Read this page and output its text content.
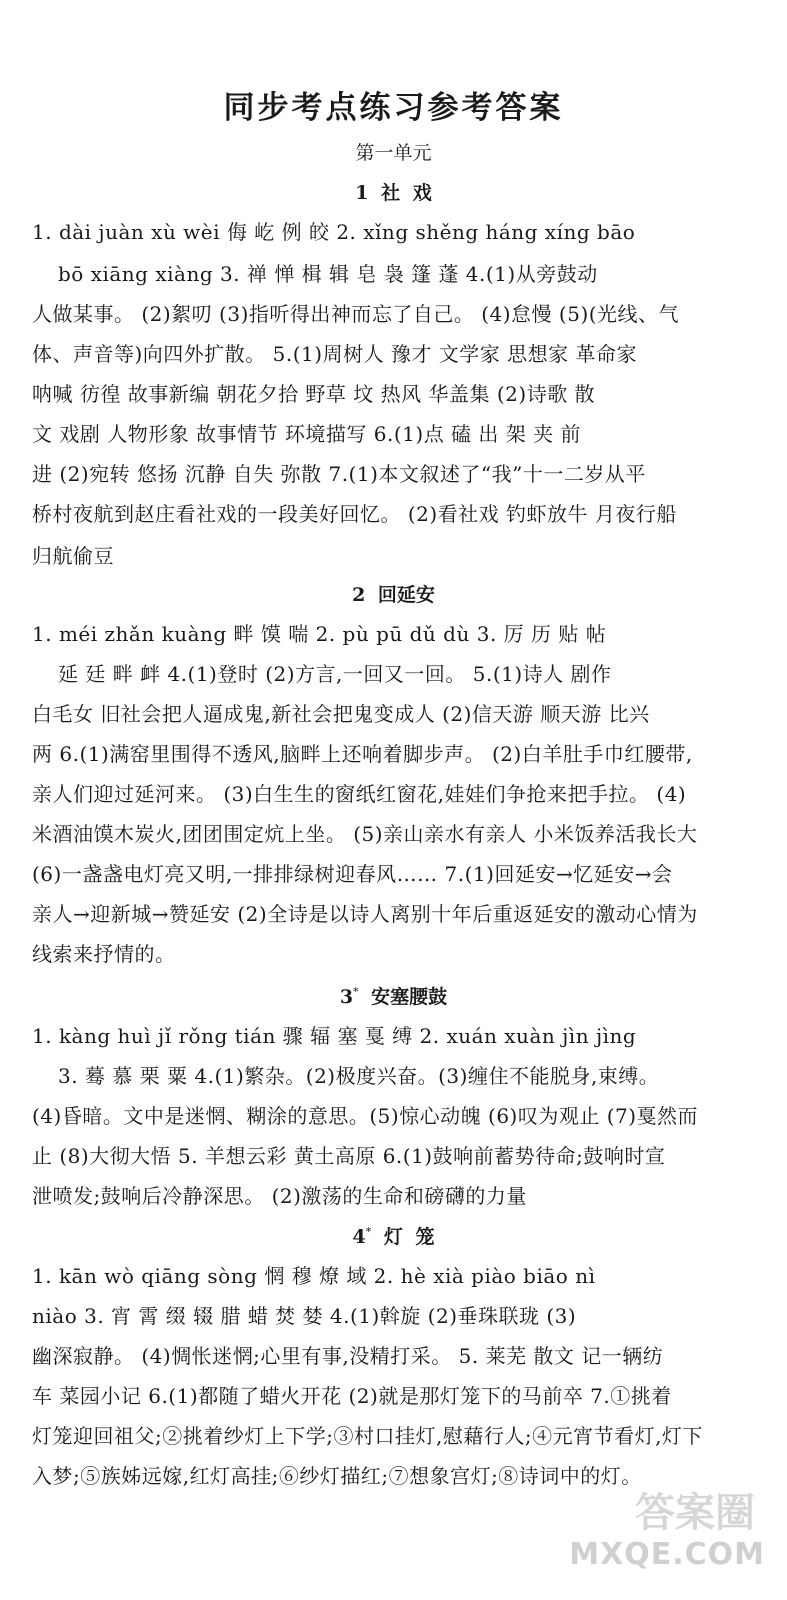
同步考点练习参考答案
第一单元
1 社 戏
1. dài juàn xù wèi 侮 屹 例 皎 2. xǐng shěng háng xíng bāo
bō xiāng xiàng 3. 禅 惮 楫 辑 皂 袅 篷 蓬 4.(1)从旁鼓动
人做某事。 (2)絮叨 (3)指听得出神而忘了自己。 (4)怠慢 (5)(光线、气
体、声音等)向四外扩散。 5.(1)周树人 豫才 文学家 思想家 革命家
呐喊 彷徨 故事新编 朝花夕拾 野草 坟 热风 华盖集 (2)诗歌 散
文 戏剧 人物形象 故事情节 环境描写 6.(1)点 磕 出 架 夹 前
进 (2)宛转 悠扬 沉静 自失 弥散 7.(1)本文叙述了“我”十一二岁从平
桥村夜航到赵庄看社戏的一段美好回忆。 (2)看社戏 钓虾放牛 月夜行船
归航偷豆
2 回延安
1. méi zhǎn kuàng 畔 馍 喘 2. pù pū dǔ dù 3. 厉 历 贴 帖
延 廷 畔 衅 4.(1)登时 (2)方言,一回又一回。 5.(1)诗人 剧作
白毛女 旧社会把人逼成鬼,新社会把鬼变成人 (2)信天游 顺天游 比兴
两 6.(1)满窑里围得不透风,脑畔上还响着脚步声。 (2)白羊肚手巾红腰带,
亲人们迎过延河来。 (3)白生生的窗纸红窗花,娃娃们争抢来把手拉。 (4)
米酒油馍木炭火,团团围定炕上坐。 (5)亲山亲水有亲人 小米饭养活我长大
(6)一盏盏电灯亮又明,一排排绿树迎春风…… 7.(1)回延安→忆延安→会
亲人→迎新城→赞延安 (2)全诗是以诗人离别十年后重返延安的激动心情为
线索来抒情的。
3* 安塞腰鼓
1. kàng huì jǐ rǒng tián 骤 辐 塞 戛 缚 2. xuán xuàn jìn jìng
3. 蓦 慕 栗 粟 4.(1)繁杂。(2)极度兴奋。(3)缠住不能脱身,束缚。
(4)昏暗。文中是迷惘、糊涂的意思。(5)惊心动魄 (6)叹为观止 (7)戛然而
止 (8)大彻大悟 5. 羊想云彩 黄土高原 6.(1)鼓响前蓄势待命;鼓响时宣
泄喷发;鼓响后冷静深思。 (2)激荡的生命和磅礴的力量
4* 灯 笼
1. kān wò qiāng sòng 惘 穆 燎 域 2. hè xià piào biāo nì
niào 3. 宵 霄 缀 辍 腊 蜡 焚 婪 4.(1)斡旋 (2)垂珠联珑 (3)
幽深寂静。 (4)惆怅迷惘;心里有事,没精打采。 5. 莱芜 散文 记一辆纺
车 菜园小记 6.(1)都随了蜡火开花 (2)就是那灯笼下的马前卒 7.①挑着
灯笼迎回祖父;②挑着纱灯上下学;③村口挂灯,慰藉行人;④元宵节看灯,灯下
入梦;⑤族姊远嫁,红灯高挂;⑥纱灯描红;⑦想象宫灯;⑧诗词中的灯。
答案圈
MXQE.COM
